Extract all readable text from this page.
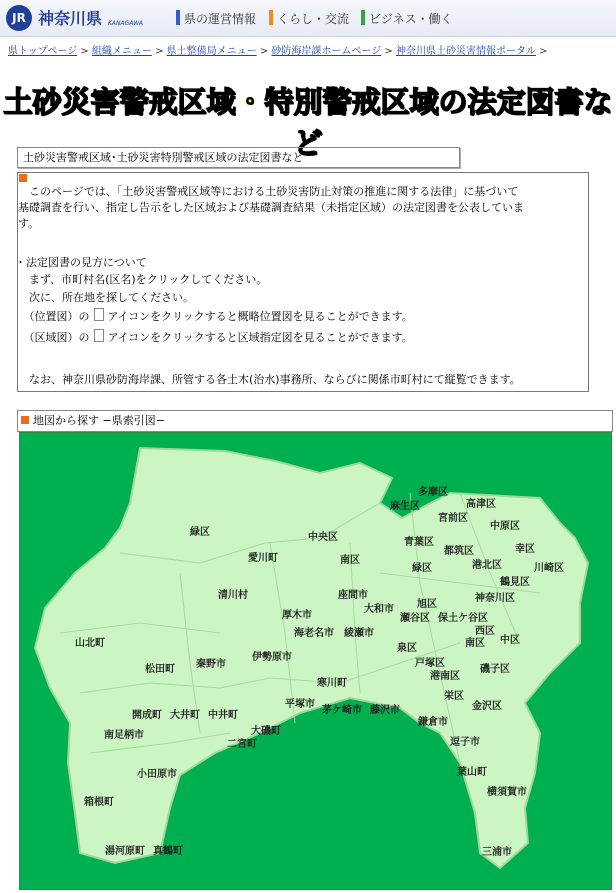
JR 神奈川県 KANAGAWA	県の運営情報	くらし・交流	ビジネス・働く
県トップページ > 組織メニュー > 県土整備局メニュー > 砂防海岸課ホームページ > 神奈川県土砂災害情報ポータル >
土砂災害警戒区域・特別警戒区域の法定図書など
土砂災害警戒区域･土砂災害特別警戒区域の法定図書など

　このページでは、「土砂災害警戒区域等における土砂災害防止対策の推進に関する法律」に基づいて

基礎調査を行い、指定し告示をした区域および基礎調査結果（未指定区域）の法定図書を公表していま

す。

・法定図書の見方について

　まず、市町村名(区名)をクリックしてください。

　次に、所在地を探してください。

　（位置図）の アイコンをクリックすると概略位置図を見ることができます。

　（区域図）の アイコンをクリックすると区域指定図を見ることができます。

　なお、神奈川県砂防海岸課、所管する各土木(治水)事務所、ならびに関係市町村にて縦覧できます。

地図から探す −県索引図−
多摩区
麻生区	高津区
宮前区
中原区
青葉区
都筑区	幸区
港北区	川崎区
鶴見区
緑区	中央区
南区
愛川町
清川村	座間市
大和市
厚木市
旭区
神奈川区
瀬谷区 保土ケ谷区
西区
海老名市 綾瀬市
泉区
中区
南区
山北町
伊勢原市
戸塚区
港南区
磯子区
松田町 秦野市
寒川町
栄区
金沢区
平塚市
開成町 大井町 中井町	茅ケ崎市 藤沢市
鎌倉市
南足柄市	大磯町
二宮町	逗子市
小田原市	葉山町
横須賀市
箱根町
湯河原町 真鶴町	三浦市
緑区
